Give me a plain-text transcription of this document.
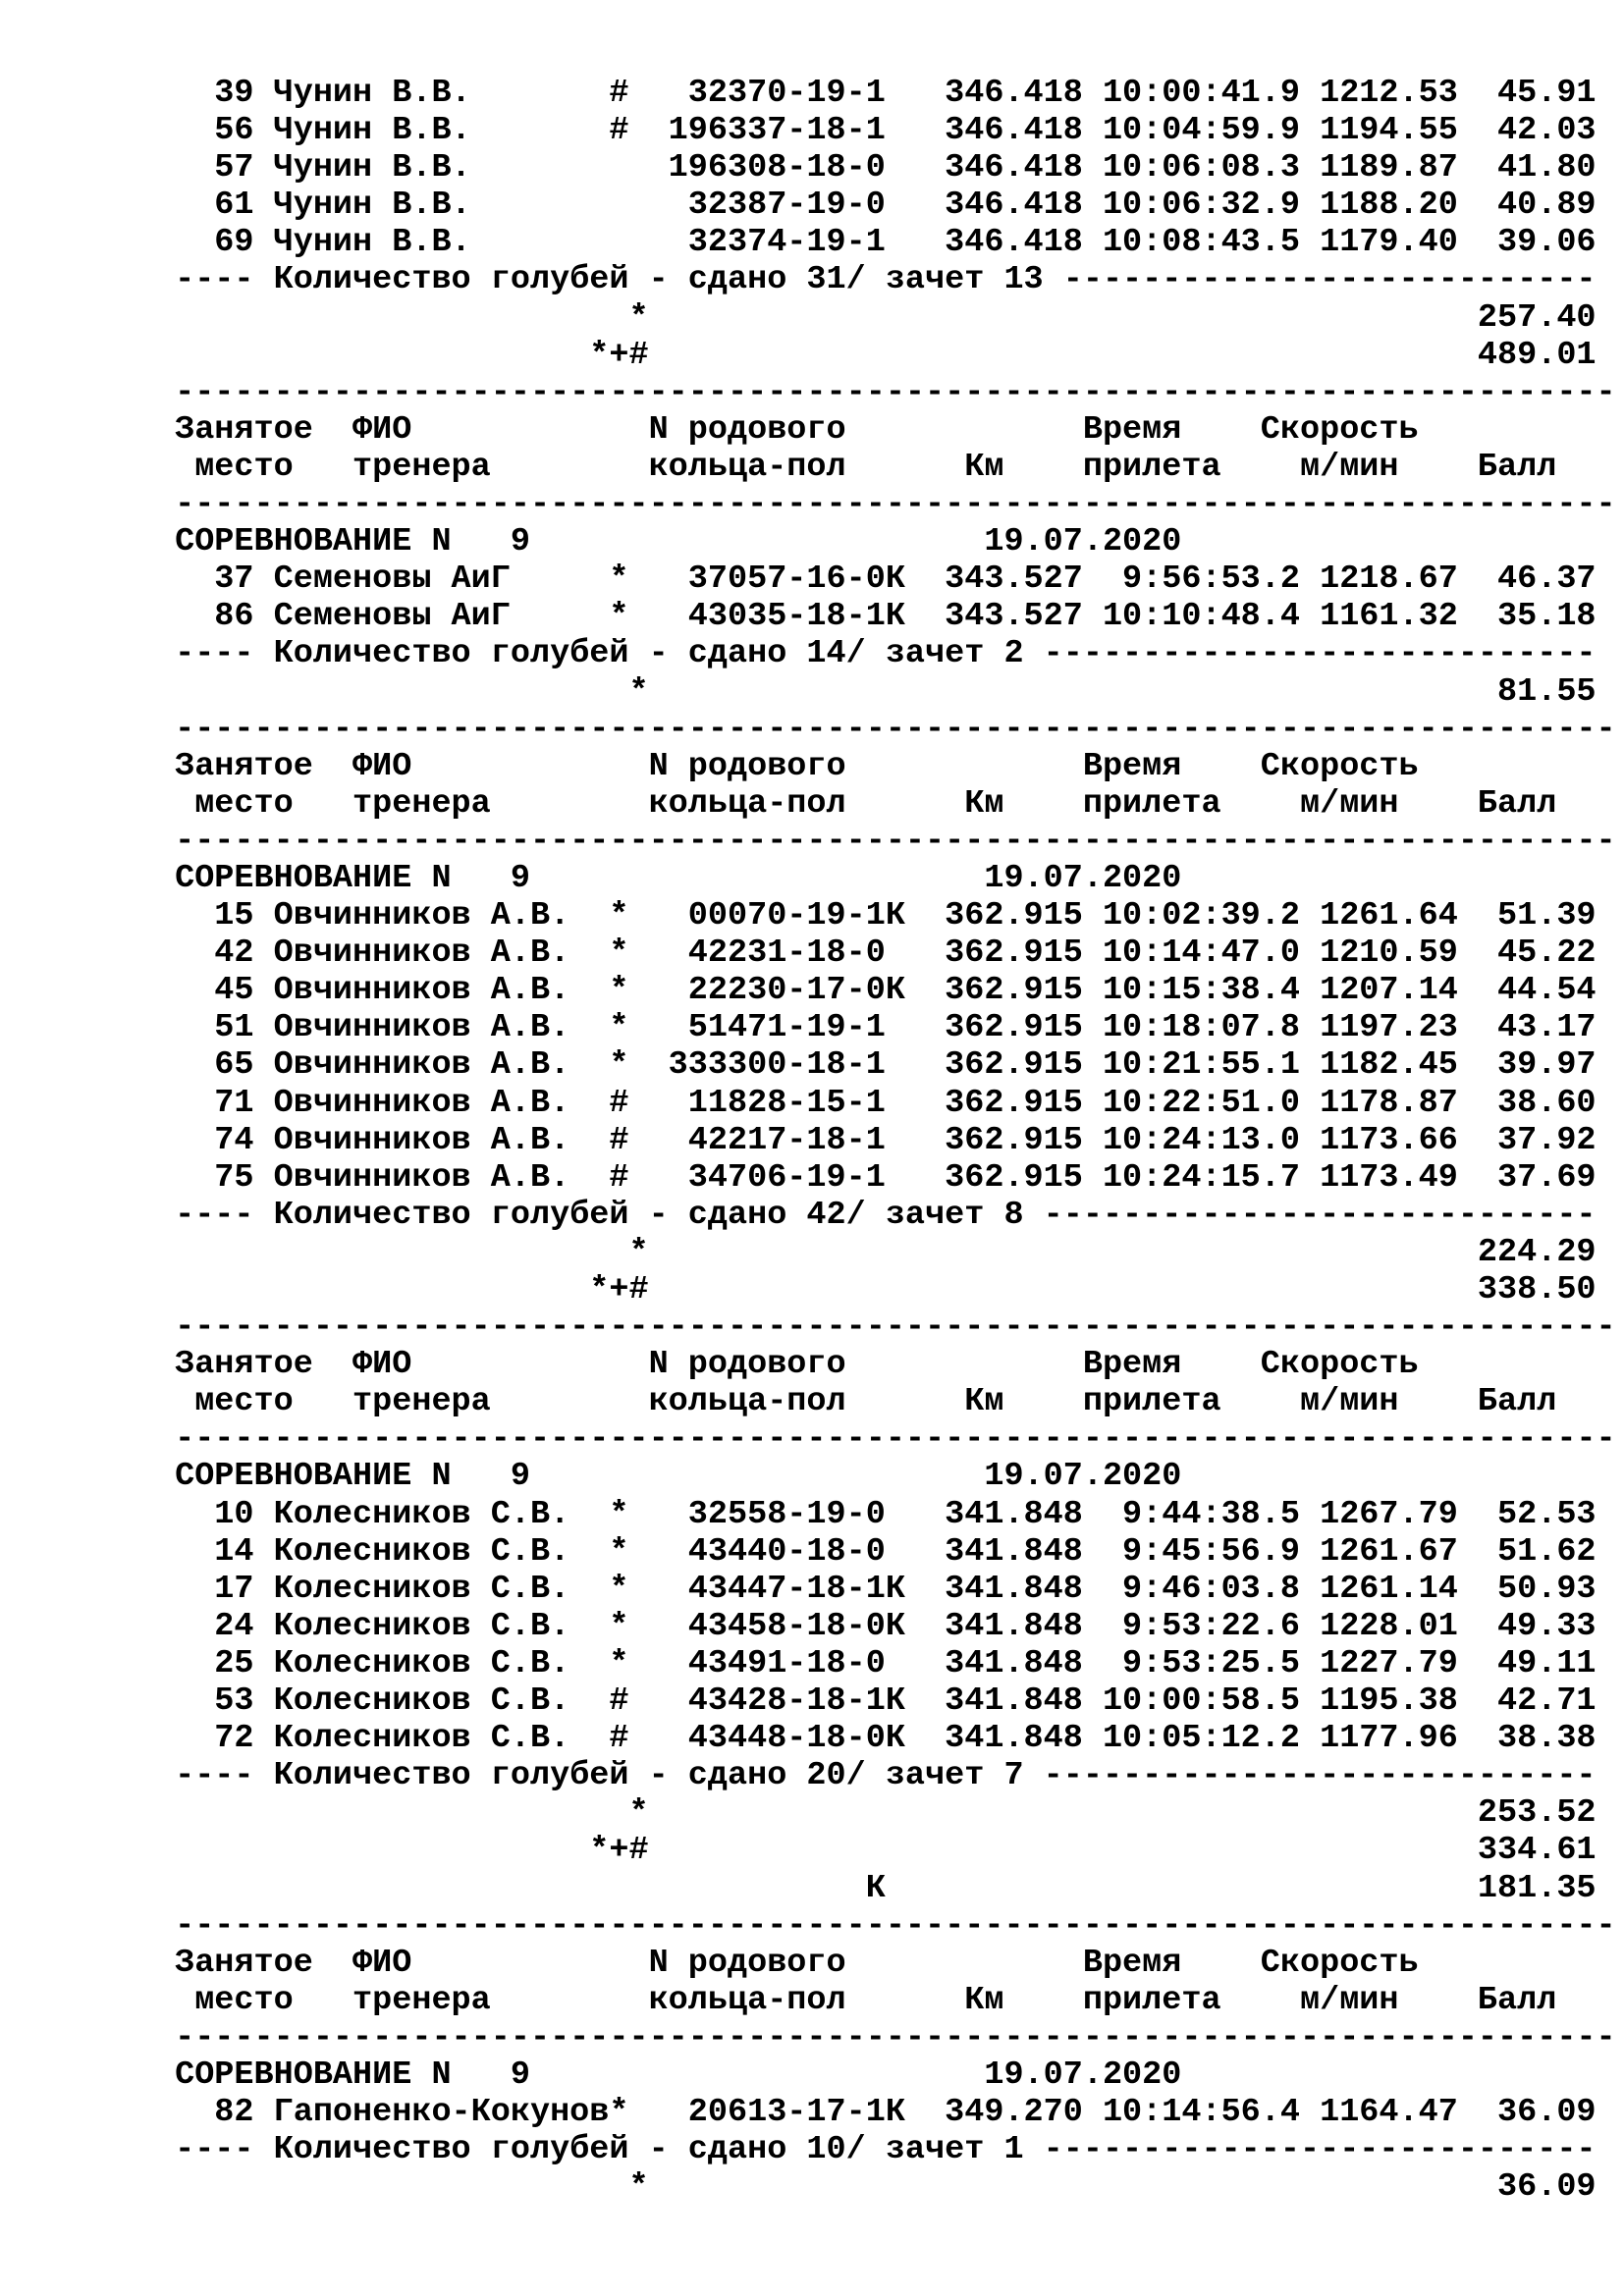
39 Чунин В.В.       #   32370-19-1   346.418 10:00:41.9 1212.53  45.91
56 Чунин В.В.       #  196337-18-1   346.418 10:04:59.9 1194.55  42.03
57 Чунин В.В.          196308-18-0   346.418 10:06:08.3 1189.87  41.80
61 Чунин В.В.           32387-19-0   346.418 10:06:32.9 1188.20  40.89
69 Чунин В.В.           32374-19-1   346.418 10:08:43.5 1179.40  39.06
---- Количество голубей - сдано 31/ зачет 13 ---------------------------
*                                          257.40
*+#                                          489.01
-------------------------------------------------------------------------
Занятое  ФИО            N родового            Время    Скорость
место   тренера        кольца-пол      Км    прилета    м/мин    Балл
-------------------------------------------------------------------------
СОРЕВНОВАНИЕ N   9                       19.07.2020
37 Семеновы АиГ     *   37057-16-0К  343.527  9:56:53.2 1218.67  46.37
86 Семеновы АиГ     *   43035-18-1К  343.527 10:10:48.4 1161.32  35.18
---- Количество голубей - сдано 14/ зачет 2 ----------------------------
*                                           81.55
-------------------------------------------------------------------------
Занятое  ФИО            N родового            Время    Скорость
место   тренера        кольца-пол      Км    прилета    м/мин    Балл
-------------------------------------------------------------------------
СОРЕВНОВАНИЕ N   9                       19.07.2020
15 Овчинников А.В.  *   00070-19-1К  362.915 10:02:39.2 1261.64  51.39
42 Овчинников А.В.  *   42231-18-0   362.915 10:14:47.0 1210.59  45.22
45 Овчинников А.В.  *   22230-17-0К  362.915 10:15:38.4 1207.14  44.54
51 Овчинников А.В.  *   51471-19-1   362.915 10:18:07.8 1197.23  43.17
65 Овчинников А.В.  *  333300-18-1   362.915 10:21:55.1 1182.45  39.97
71 Овчинников А.В.  #   11828-15-1   362.915 10:22:51.0 1178.87  38.60
74 Овчинников А.В.  #   42217-18-1   362.915 10:24:13.0 1173.66  37.92
75 Овчинников А.В.  #   34706-19-1   362.915 10:24:15.7 1173.49  37.69
---- Количество голубей - сдано 42/ зачет 8 ----------------------------
*                                          224.29
*+#                                          338.50
-------------------------------------------------------------------------
Занятое  ФИО            N родового            Время    Скорость
место   тренера        кольца-пол      Км    прилета    м/мин    Балл
-------------------------------------------------------------------------
СОРЕВНОВАНИЕ N   9                       19.07.2020
10 Колесников С.В.  *   32558-19-0   341.848  9:44:38.5 1267.79  52.53
14 Колесников С.В.  *   43440-18-0   341.848  9:45:56.9 1261.67  51.62
17 Колесников С.В.  *   43447-18-1К  341.848  9:46:03.8 1261.14  50.93
24 Колесников С.В.  *   43458-18-0К  341.848  9:53:22.6 1228.01  49.33
25 Колесников С.В.  *   43491-18-0   341.848  9:53:25.5 1227.79  49.11
53 Колесников С.В.  #   43428-18-1К  341.848 10:00:58.5 1195.38  42.71
72 Колесников С.В.  #   43448-18-0К  341.848 10:05:12.2 1177.96  38.38
---- Количество голубей - сдано 20/ зачет 7 ----------------------------
*                                          253.52
*+#                                          334.61
К                              181.35
-------------------------------------------------------------------------
Занятое  ФИО            N родового            Время    Скорость
место   тренера        кольца-пол      Км    прилета    м/мин    Балл
-------------------------------------------------------------------------
СОРЕВНОВАНИЕ N   9                       19.07.2020
82 Гапоненко-Кокунов*   20613-17-1К  349.270 10:14:56.4 1164.47  36.09
---- Количество голубей - сдано 10/ зачет 1 ----------------------------
*                                           36.09
